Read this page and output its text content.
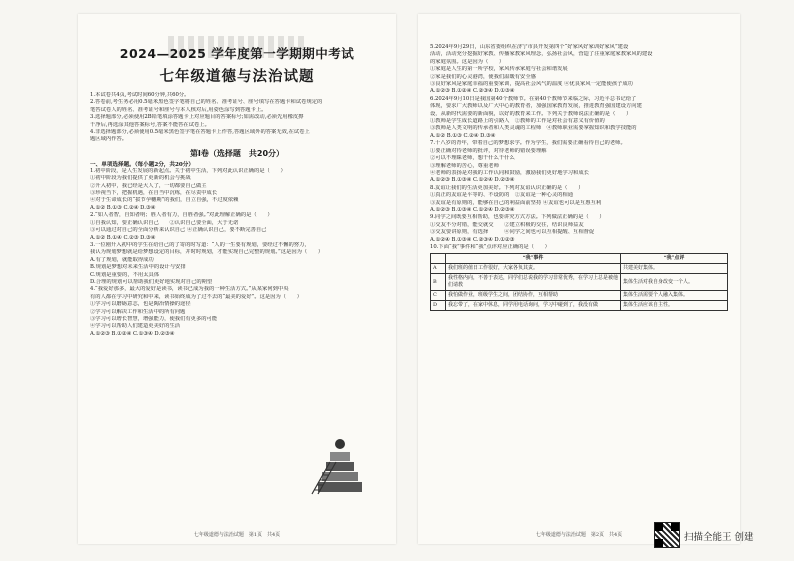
2024—2025 学年度第一学期期中考试
七年级道德与法治试题
1.本试卷共4页,考试时间60分钟,共60分。
2.答卷前,考生务必用0.5毫米黑色签字笔将自己的姓名、准考证号、座号填写在答题卡和试卷规定的
笔答试卷人的姓名、准考证号和座号与本人核对后,用姿色涂写到答题卡上。
3.选择题部分,必须使用2B铅笔填涂答题卡上对应题目的答案标号;如需改动,必须先用橡皮擦
干净后,再选涂其他答案标号,答案不能答在试卷上。
4.非选择题部分,必须使用0.5毫米黑色签字笔在答题卡上作答,答题区域外的答案无效,在试卷上
题区域内作答。
第Ⅰ卷（选择题　共20分）
一、单项选择题。（每小题2分，共20分）
1.初中阶段，是人生发展的新起点。关于初中生活，下列对此认识正确的是（　　）
①初中阶段为我们提供了更新的机会与挑战
②升入初中，我已经是大人了，一切都要自己做主
③珍视当下，把握机遇，在自当中沉练，在尽责中成长
④对于生命成长的“拔节孕穗期”的我们，自立自强，不过度依赖
A.①② B.①③ C.②④ D.③④
2.“如人者智，自知者明；胜人者有力，自胜者强。”对此理解正确的是（　　）
①自我认知，要正确认识自己　　②认识自己要全面，大于无诺
③可以通过对自己的全面分析来认识自己 ④正确认识自己，要不断完善自己
A.①② B.①④ C.②③ D.③④
3.一位刚升入初中的学生在给自己的了寄的时写道：“人的一生要有规划，要经过不懈的努力，
我认为规划梦想就是给梦想设定的目标，并时时规划，才能实现自己完整的规划。”这是因为（　　）
A.有了规划，就能取得成功
B.规划是梦想对未来生活中的设计与安排
C.规划是重要的，不用太具体
D.合理的规划可以帮助我们更好地实现对自己的期望
4.“我爱好那多，最大的爱好是读书，读书已成为我的一种生活方式。”从某家何到中央
有的人都在学习中研究和中来，读书始终成为了过不去的“最美的爱好”。这是因为（　　）
①学习可以磨砺意志，也是陶冶情操的途径
②学习可以解决工作和生活中的所有问题
③学习可以增长智慧，增强能力，使我们有更多的可能
④学习可以帮助人们建造更美好的生活
A.①②③ B.①②④ C.①③④ D.②③④
七年级道德与法治试题　第1页　共4页
5.2024年9月29日，山东省委组织在济宁市县开发第四个“好家风好家训好家风”建设
活动，活动充分挖掘好家教、传播家教家风理念，弘扬社会风，营造了注重家庭家教家风的建设
的家庭氛围。这是因为（　　）
①家庭是人生的第一所学校，家风传承家庭与社会和谐发展
②家是我们的心灵港湾，使我们温暖有安全感
③良好家风是家庭幸福的重要家训，提高社会风气的温度 ④优良家风一定能使孩子成功
A.①②③ B.①②④ C.②③④ D.①③④
6.2024年9月10日是我国第40个教师节。在第40个教师节来临之际，习近平总书记给了
体现，要求广大教师以及广大中心的教育者，加强国家教育发展，推进教育强国建设方向建
设，从新时代需要的新面貌，以好的教育来工作。下列关于教师说法正确的是（　　）
①教师是学生成长道路上的引路人　②教师的工作是对社会有意义有价值的
③教师是人类文明的传承者和人类灵魂的工程师　④教师职业需要掌握知识和教学技能的
A.①② B.①③ C.②④ D.③④
7.十八岁的青年，带着自己的梦想求学。作为学生，我们需要正确看待自己的老师。
①要正确对待老师的批评，对待老师的错误要理解
②可以不理睬老师，想干什么干什么
③理解老师的苦心，尊重老师
④老师的表扬是对我的工作认同和鼓励，激励我们更好地学习和成长
A.①②③ B.①③④ C.①②④ D.②③④
8.友谊让我们的生活更加美好。下列对友谊认识正确的是（　　）
①真正的友谊是平等的、不设防的　②友谊是一种心灵的相通
③友谊是有原则的，能够在自己的利益面前坚持 ④友谊也可以是互惠互利
A.①②③ B.①③④ C.①②④ D.②③④
9.同学之间既要互相帮助，也要讲究方式方法。下列做法正确的是（　　）
①交友不分对错，能交就交　　②建立积极的交往，结识良师益友
③交友要讲原则，有选择　　　④同学之间也可以互相提醒、互相督促
A.①②④ B.①③④ C.②③④ D.①②③
10.下面“我”事件和“我”点评对应正确的是（　　）
	“我”事件	“我”点评
A	我们班的值日工作很好，大家各负其责。	共建美好集体。
B	我性格内向，不善于表达，同学们总说我的学习非常优秀，在学习上总是被他们请教	集体生活对我自身改变一个人。
C	我怕做作业，班级学生之间，团结协作，互相帮助	集体生活需要个人融入集体。
D	我忘带了，在家中休息，同学用电话询问，学习中碰到了，我没有做	集体生活应该自主性。
七年级道德与法治试题　第2页　共4页	扫描全能王 创建
